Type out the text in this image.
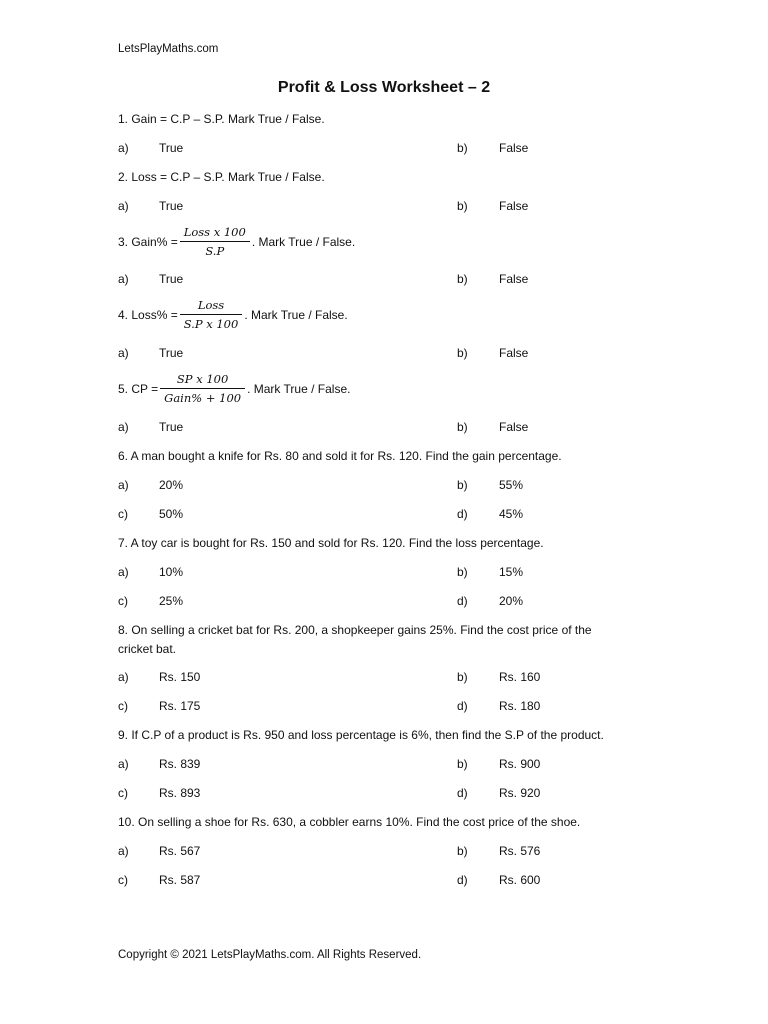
LetsPlayMaths.com
Profit & Loss Worksheet – 2
1. Gain = C.P – S.P. Mark True / False.
a)	True	b)	False
2. Loss = C.P – S.P. Mark True / False.
a)	True	b)	False
3. Gain% = $\frac{\text{Loss x 100}}{S.P}$ . Mark True / False.
a)	True	b)	False
4. Loss% = $\frac{\text{Loss}}{\text{S.P x 100}}$ . Mark True / False.
a)	True	b)	False
5. CP = $\frac{\text{SP x 100}}{\text{Gain\% + 100}}$ . Mark True / False.
a)	True	b)	False
6. A man bought a knife for Rs. 80 and sold it for Rs. 120. Find the gain percentage.
a)	20%	b)	55%
c)	50%	d)	45%
7. A toy car is bought for Rs. 150 and sold for Rs. 120. Find the loss percentage.
a)	10%	b)	15%
c)	25%	d)	20%
8. On selling a cricket bat for Rs. 200, a shopkeeper gains 25%. Find the cost price of the
cricket bat.
a)	Rs. 150	b)	Rs. 160
c)	Rs. 175	d)	Rs. 180
9. If C.P of a product is Rs. 950 and loss percentage is 6%, then find the S.P of the product.
a)	Rs. 839	b)	Rs. 900
c)	Rs. 893	d)	Rs. 920
10. On selling a shoe for Rs. 630, a cobbler earns 10%. Find the cost price of the shoe.
a)	Rs. 567	b)	Rs. 576
c)	Rs. 587	d)	Rs. 600
Copyright © 2021 LetsPlayMaths.com. All Rights Reserved.
